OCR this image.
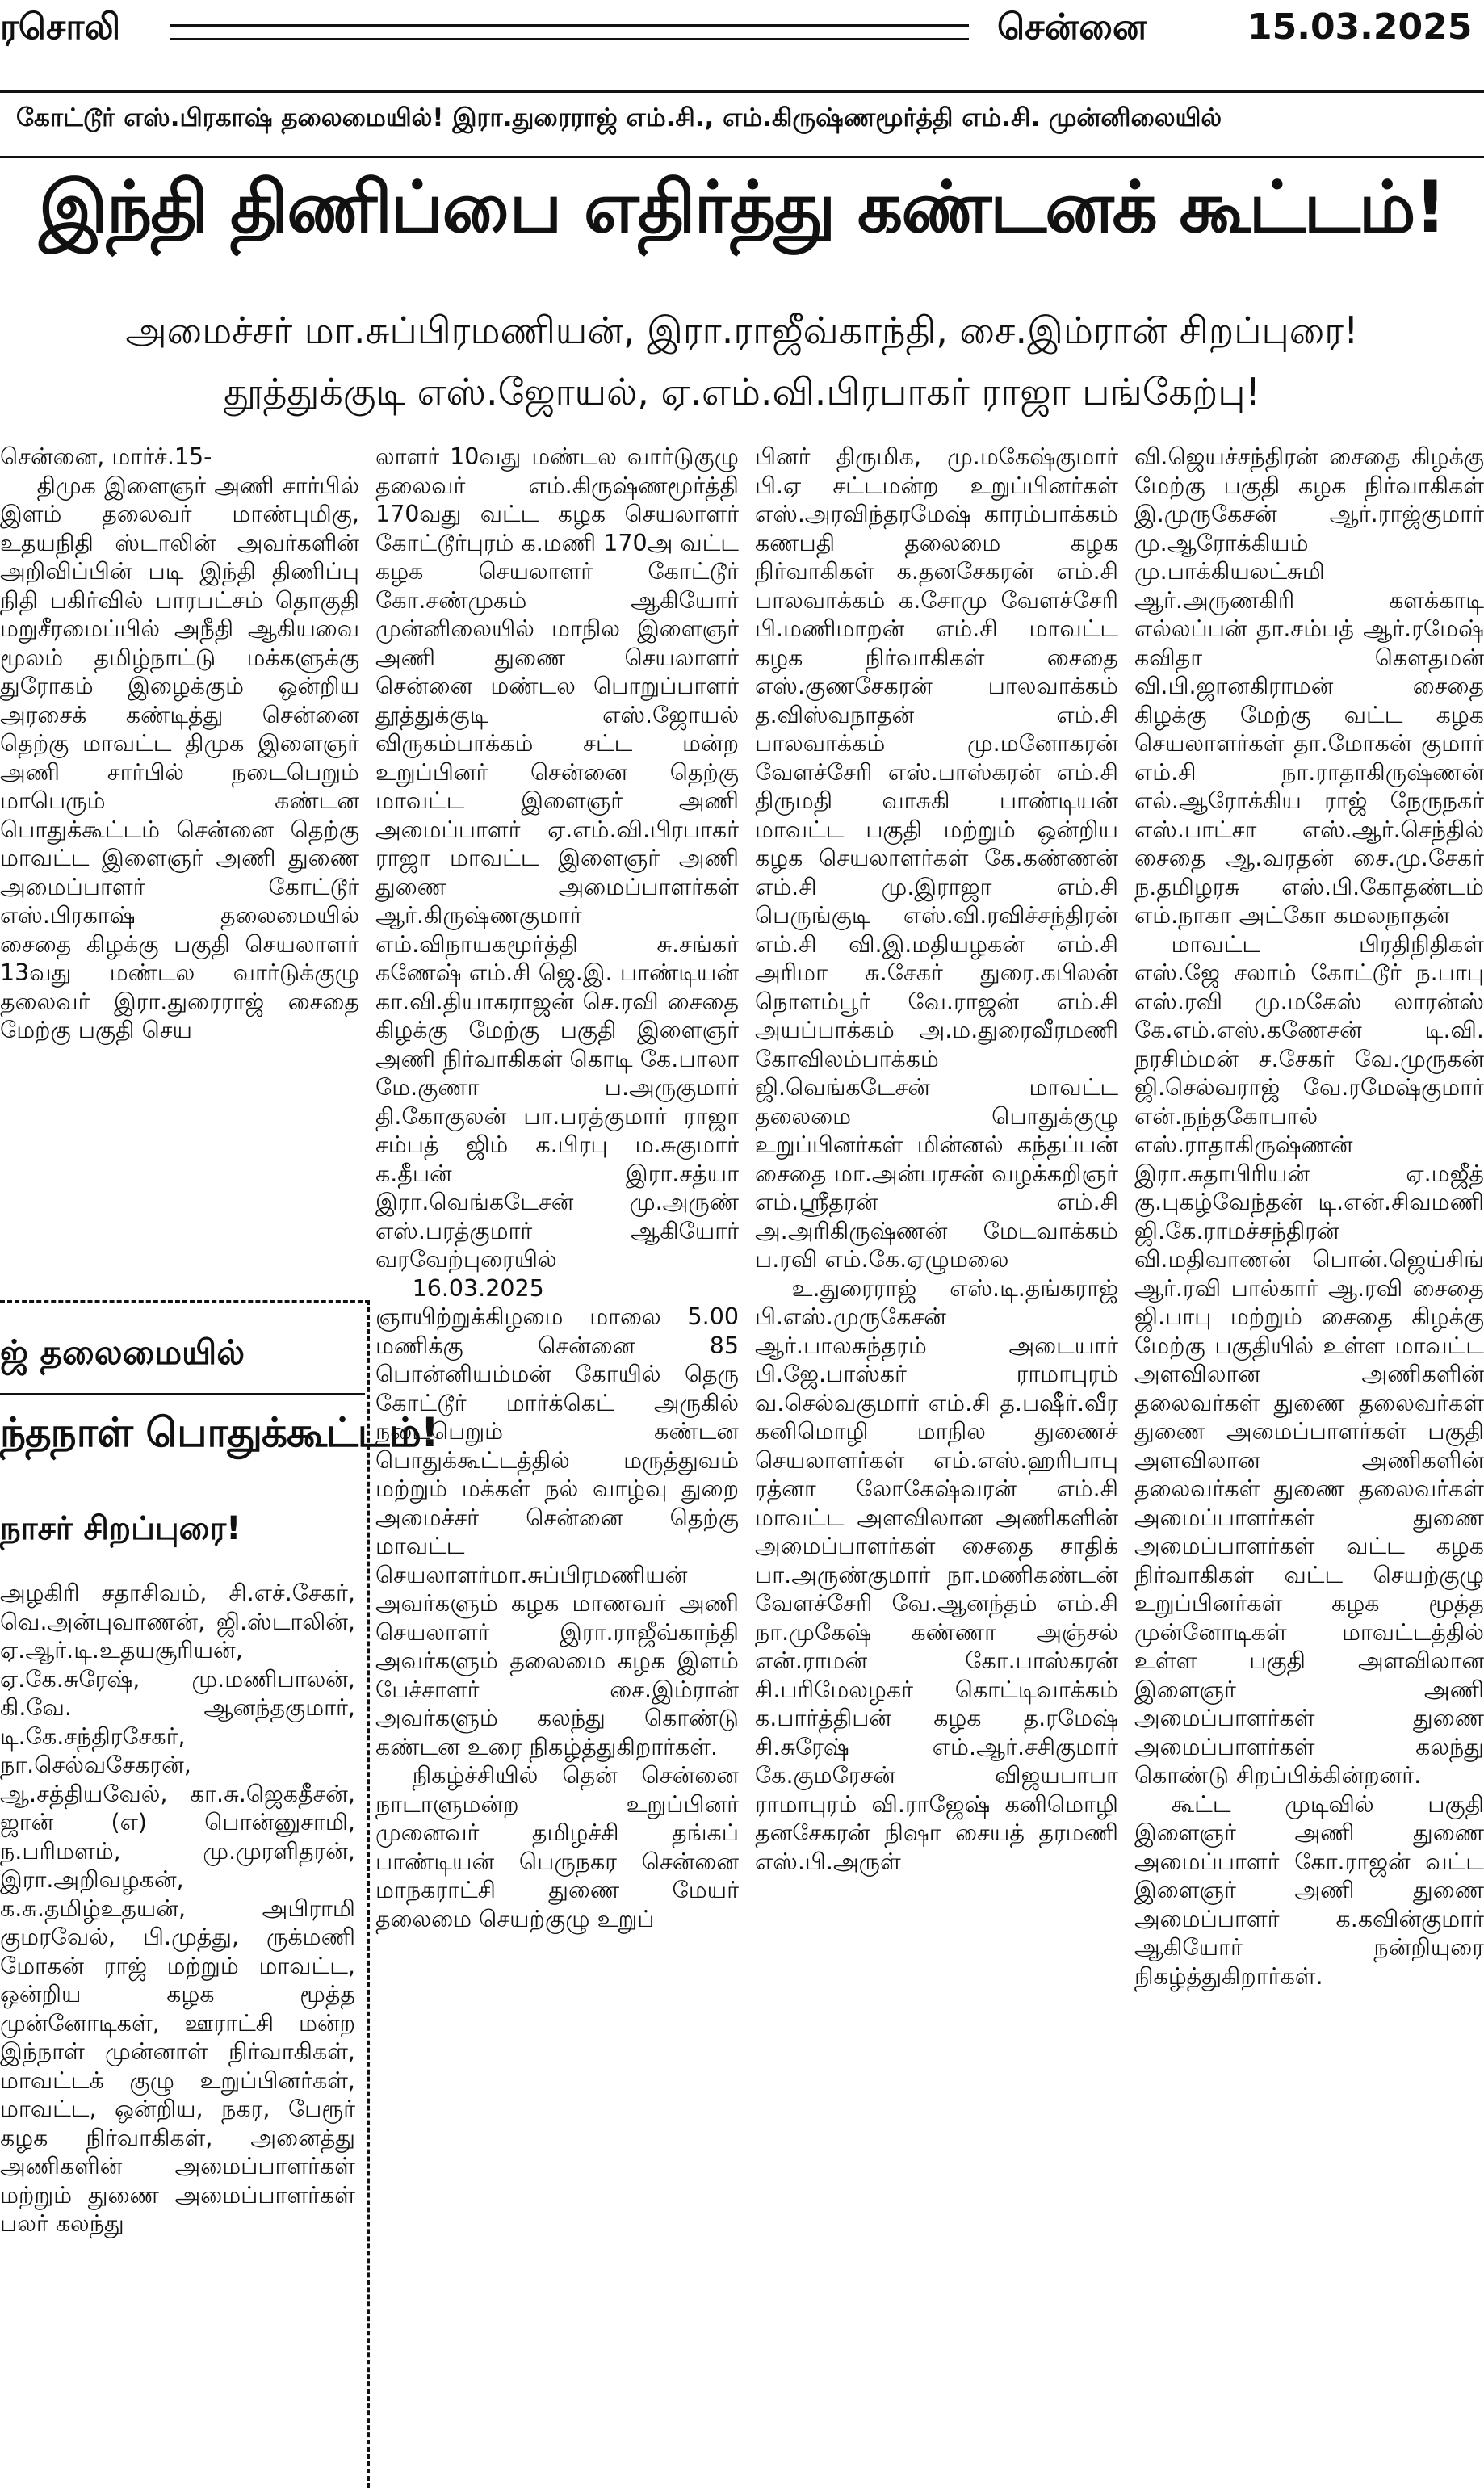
ரசொலி	சென்னை	15.03.2025
கோட்டூர் எஸ்.பிரகாஷ் தலைமையில்! இரா.துரைராஜ் எம்.சி., எம்.கிருஷ்ணமூர்த்தி எம்.சி. முன்னிலையில்
இந்தி திணிப்பை எதிர்த்து கண்டனக் கூட்டம்!
அமைச்சர் மா.சுப்பிரமணியன், இரா.ராஜீவ்காந்தி, சை.இம்ரான் சிறப்புரை!
தூத்துக்குடி எஸ்.ஜோயல், ஏ.எம்.வி.பிரபாகர் ராஜா பங்கேற்பு!

சென்னை, மார்ச்.15-

திமுக இளைஞர் அணி சார்பில் இளம் தலைவர் மாண்புமிகு, உதயநிதி ஸ்டாலின் அவர்களின் அறிவிப்பின் படி இந்தி திணிப்பு நிதி பகிர்வில் பாரபட்சம் தொகுதி மறுசீரமைப்பில் அநீதி ஆகியவை மூலம் தமிழ்நாட்டு மக்களுக்கு துரோகம் இழைக்கும் ஒன்றிய அரசைக் கண்டித்து சென்னை தெற்கு மாவட்ட திமுக இளைஞர் அணி சார்பில் நடைபெறும் மாபெரும் கண்டன பொதுக்கூட்டம் சென்னை தெற்கு மாவட்ட இளைஞர் அணி துணை அமைப்பாளர் கோட்டூர் எஸ்.பிரகாஷ் தலைமையில் சைதை கிழக்கு பகுதி செயலாளர் 13வது மண்டல வார்டுக்குழு தலைவர் இரா.துரைராஜ் சைதை மேற்கு பகுதி செய

லாளர் 10வது மண்டல வார்டுகுழு தலைவர் எம்.கிருஷ்ணமூர்த்தி 170வது வட்ட கழக செயலாளர் கோட்டூர்புரம் க.மணி 170அ வட்ட கழக செயலாளர் கோட்டூர் கோ.சண்முகம் ஆகியோர் முன்னிலையில் மாநில இளைஞர் அணி துணை செயலாளர் சென்னை மண்டல பொறுப்பாளர் தூத்துக்குடி எஸ்.ஜோயல் விருகம்பாக்கம் சட்ட மன்ற உறுப்பினர் சென்னை தெற்கு மாவட்ட இளைஞர் அணி அமைப்பாளர் ஏ.எம்.வி.பிரபாகர் ராஜா மாவட்ட இளைஞர் அணி துணை அமைப்பாளர்கள் ஆர்.கிருஷ்ணகுமார் எம்.விநாயகமூர்த்தி சு.சங்கர் கணேஷ் எம்.சி ஜெ.இ. பாண்டியன் கா.வி.தியாகராஜன் செ.ரவி சைதை கிழக்கு மேற்கு பகுதி இளைஞர் அணி நிர்வாகிகள் கொடி கே.பாலா மே.குணா ப.அருகுமார் தி.கோகுலன் பா.பரத்குமார் ராஜா சம்பத் ஜிம் க.பிரபு ம.சுகுமார் க.தீபன் இரா.சத்யா இரா.வெங்கடேசன் மு.அருண் எஸ்.பரத்குமார் ஆகியோர் வரவேற்புரையில்

16.03.2025 ஞாயிற்றுக்கிழமை மாலை 5.00 மணிக்கு சென்னை 85 பொன்னியம்மன் கோயில் தெரு கோட்டூர் மார்க்கெட் அருகில் நடைபெறும் கண்டன பொதுக்கூட்டத்தில் மருத்துவம் மற்றும் மக்கள் நல் வாழ்வு துறை அமைச்சர் சென்னை தெற்கு மாவட்ட செயலாளர்மா.சுப்பிரமணியன் அவர்களும் கழக மாணவர் அணி செயலாளர் இரா.ராஜீவ்காந்தி அவர்களும் தலைமை கழக இளம் பேச்சாளர் சை.இம்ரான் அவர்களும் கலந்து கொண்டு கண்டன உரை நிகழ்த்துகிறார்கள்.

நிகழ்ச்சியில் தென் சென்னை நாடாளுமன்ற உறுப்பினர் முனைவர் தமிழச்சி தங்கப் பாண்டியன் பெருநகர சென்னை மாநகராட்சி துணை மேயர் தலைமை செயற்குழு உறுப்

பினர் திருமிக, மு.மகேஷ்குமார் பி.ஏ சட்டமன்ற உறுப்பினர்கள் எஸ்.அரவிந்தரமேஷ் காரம்பாக்கம் கணபதி தலைமை கழக நிர்வாகிகள் க.தனசேகரன் எம்.சி பாலவாக்கம் க.சோமு வேளச்சேரி பி.மணிமாறன் எம்.சி மாவட்ட கழக நிர்வாகிகள் சைதை எஸ்.குணசேகரன் பாலவாக்கம் த.விஸ்வநாதன் எம்.சி பாலவாக்கம் மு.மனோகரன் வேளச்சேரி எஸ்.பாஸ்கரன் எம்.சி திருமதி வாசுகி பாண்டியன் மாவட்ட பகுதி மற்றும் ஒன்றிய கழக செயலாளர்கள் கே.கண்ணன் எம்.சி மு.இராஜா எம்.சி பெருங்குடி எஸ்.வி.ரவிச்சந்திரன் எம்.சி வி.இ.மதியழகன் எம்.சி அரிமா சு.சேகர் துரை.கபிலன் நொளம்பூர் வே.ராஜன் எம்.சி அயப்பாக்கம் அ.ம.துரைவீரமணி கோவிலம்பாக்கம் ஜி.வெங்கடேசன் மாவட்ட தலைமை பொதுக்குழு உறுப்பினர்கள் மின்னல் கந்தப்பன் சைதை மா.அன்பரசன் வழக்கறிஞர் எம்.ஸ்ரீதரன் எம்.சி அ.அரிகிருஷ்ணன் மேடவாக்கம் ப.ரவி எம்.கே.ஏழுமலை

உ.துரைராஜ் எஸ்.டி.தங்கராஜ் பி.எஸ்.முருகேசன் ஆர்.பாலசுந்தரம் அடையார் பி.ஜே.பாஸ்கர் ராமாபுரம் வ.செல்வகுமார் எம்.சி த.பஷீர்.வீர கனிமொழி மாநில துணைச் செயலாளர்கள் எம்.எஸ்.ஹரிபாபு ரத்னா லோகேஷ்வரன் எம்.சி மாவட்ட அளவிலான அணிகளின் அமைப்பாளர்கள் சைதை சாதிக் பா.அருண்குமார் நா.மணிகண்டன் வேளச்சேரி வே.ஆனந்தம் எம்.சி நா.முகேஷ் கண்ணா அஞ்சல் என்.ராமன் கோ.பாஸ்கரன் சி.பரிமேலழகர் கொட்டிவாக்கம் க.பார்த்திபன் கழக த.ரமேஷ் சி.சுரேஷ் எம்.ஆர்.சசிகுமார் கே.குமரேசன் விஜயபாபா ராமாபுரம் வி.ராஜேஷ் கனிமொழி தனசேகரன் நிஷா சையத் தரமணி எஸ்.பி.அருள்

வி.ஜெயச்சந்திரன் சைதை கிழக்கு மேற்கு பகுதி கழக நிர்வாகிகள் இ.முருகேசன் ஆர்.ராஜ்குமார் மு.ஆரோக்கியம் மு.பாக்கியலட்சுமி ஆர்.அருணகிரி களக்காடி எல்லப்பன் தா.சம்பத் ஆர்.ரமேஷ் கவிதா கௌதமன் வி.பி.ஜானகிராமன் சைதை கிழக்கு மேற்கு வட்ட கழக செயலாளர்கள் தா.மோகன் குமார் எம்.சி நா.ராதாகிருஷ்ணன் எல்.ஆரோக்கிய ராஜ் நேருநகர் எஸ்.பாட்சா எஸ்.ஆர்.செந்தில் சைதை ஆ.வரதன் சை.மு.சேகர் ந.தமிழரசு எஸ்.பி.கோதண்டம் எம்.நாகா அட்கோ கமலநாதன்

மாவட்ட பிரதிநிதிகள் எஸ்.ஜே சலாம் கோட்டூர் ந.பாபு எஸ்.ரவி மு.மகேஸ் லாரன்ஸ் கே.எம்.எஸ்.கணேசன் டி.வி. நரசிம்மன் ச.சேகர் வே.முருகன் ஜி.செல்வராஜ் வே.ரமேஷ்குமார் என்.நந்தகோபால் எஸ்.ராதாகிருஷ்ணன் இரா.சுதாபிரியன் ஏ.மஜீத் கு.புகழ்வேந்தன் டி.என்.சிவமணி ஜி.கே.ராமச்சந்திரன் வி.மதிவாணன் பொன்.ஜெய்சிங் ஆர்.ரவி பால்கார் ஆ.ரவி சைதை ஜி.பாபு மற்றும் சைதை கிழக்கு மேற்கு பகுதியில் உள்ள மாவட்ட அளவிலான அணிகளின் தலைவர்கள் துணை தலைவர்கள் துணை அமைப்பாளர்கள் பகுதி அளவிலான அணிகளின் தலைவர்கள் துணை தலைவர்கள் அமைப்பாளர்கள் துணை அமைப்பாளர்கள் வட்ட கழக நிர்வாகிகள் வட்ட செயற்குழு உறுப்பினர்கள் கழக மூத்த முன்னோடிகள் மாவட்டத்தில் உள்ள பகுதி அளவிலான இளைஞர் அணி அமைப்பாளர்கள் துணை அமைப்பாளர்கள் கலந்து கொண்டு சிறப்பிக்கின்றனர்.

கூட்ட முடிவில் பகுதி இளைஞர் அணி துணை அமைப்பாளர் கோ.ராஜன் வட்ட இளைஞர் அணி துணை அமைப்பாளர் க.கவின்குமார் ஆகியோர் நன்றியுரை நிகழ்த்துகிறார்கள்.

ஜ் தலைமையில்
ந்தநாள் பொதுக்கூட்டம்!
நாசர் சிறப்புரை!
அழகிரி சதாசிவம், சி.எச்.சேகர், வெ.அன்புவாணன், ஜி.ஸ்டாலின், ஏ.ஆர்.டி.உதயசூரியன், ஏ.கே.சுரேஷ், மு.மணிபாலன், கி.வே. ஆனந்தகுமார், டி.கே.சந்திரசேகர், நா.செல்வசேகரன், ஆ.சத்தியவேல், கா.சு.ஜெகதீசன், ஜான் (எ) பொன்னுசாமி, ந.பரிமளம், மு.முரளிதரன், இரா.அறிவழகன், க.சு.தமிழ்உதயன், அபிராமி குமரவேல், பி.முத்து, ருக்மணி மோகன் ராஜ் மற்றும் மாவட்ட, ஒன்றிய கழக மூத்த முன்னோடிகள், ஊராட்சி மன்ற இந்நாள் முன்னாள் நிர்வாகிகள், மாவட்டக் குழு உறுப்பினர்கள், மாவட்ட, ஒன்றிய, நகர, பேரூர் கழக நிர்வாகிகள், அனைத்து அணிகளின் அமைப்பாளர்கள் மற்றும் துணை அமைப்பாளர்கள் பலர் கலந்து
